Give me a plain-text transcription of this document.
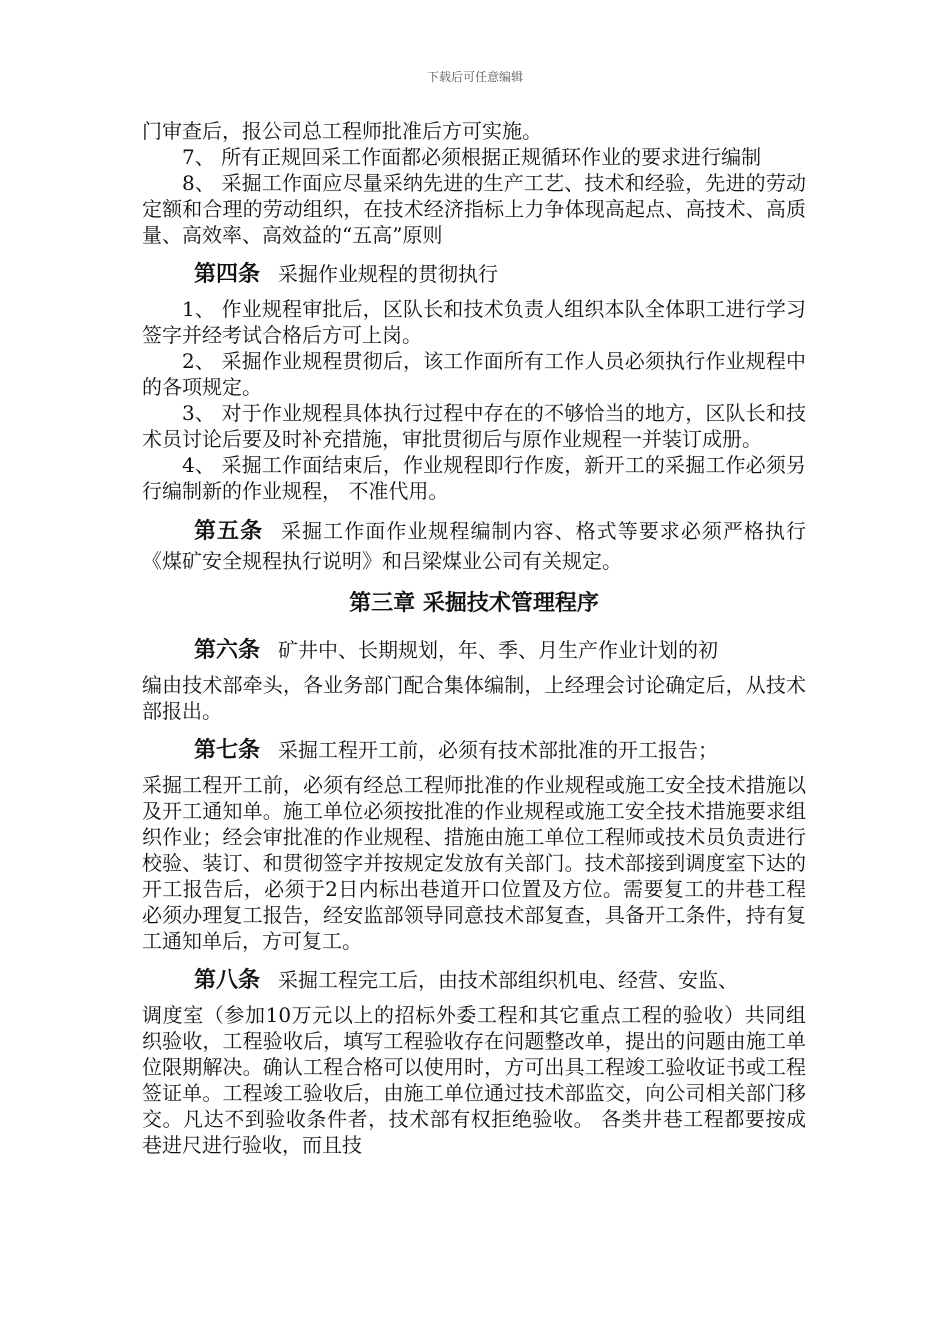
下载后可任意编辑

门审查后，报公司总工程师批准后方可实施。

7、 所有正规回采工作面都必须根据正规循环作业的要求进行编制

8、 采掘工作面应尽量采纳先进的生产工艺、技术和经验，先进的劳动定额和合理的劳动组织，在技术经济指标上力争体现高起点、高技术、高质量、高效率、高效益的“五高”原则

第四条 采掘作业规程的贯彻执行

1、 作业规程审批后，区队长和技术负责人组织本队全体职工进行学习签字并经考试合格后方可上岗。

2、 采掘作业规程贯彻后，该工作面所有工作人员必须执行作业规程中的各项规定。

3、 对于作业规程具体执行过程中存在的不够恰当的地方，区队长和技术员讨论后要及时补充措施，审批贯彻后与原作业规程一并装订成册。

4、 采掘工作面结束后，作业规程即行作废，新开工的采掘工作必须另行编制新的作业规程， 不准代用。

第五条 采掘工作面作业规程编制内容、格式等要求必须严格执行《煤矿安全规程执行说明》和吕梁煤业公司有关规定。

第三章 采掘技术管理程序

第六条 矿井中、长期规划，年、季、月生产作业计划的初

编由技术部牵头，各业务部门配合集体编制，上经理会讨论确定后，从技术部报出。

第七条 采掘工程开工前，必须有技术部批准的开工报告；

采掘工程开工前，必须有经总工程师批准的作业规程或施工安全技术措施以及开工通知单。施工单位必须按批准的作业规程或施工安全技术措施要求组织作业；经会审批准的作业规程、措施由施工单位工程师或技术员负责进行校验、装订、和贯彻签字并按规定发放有关部门。技术部接到调度室下达的开工报告后，必须于2日内标出巷道开口位置及方位。需要复工的井巷工程必须办理复工报告，经安监部领导同意技术部复查，具备开工条件，持有复工通知单后，方可复工。

第八条 采掘工程完工后，由技术部组织机电、经营、安监、

调度室（参加10万元以上的招标外委工程和其它重点工程的验收）共同组织验收，工程验收后，填写工程验收存在问题整改单，提出的问题由施工单位限期解决。确认工程合格可以使用时，方可出具工程竣工验收证书或工程签证单。工程竣工验收后，由施工单位通过技术部监交，向公司相关部门移交。凡达不到验收条件者，技术部有权拒绝验收。 各类井巷工程都要按成巷进尺进行验收，而且技
